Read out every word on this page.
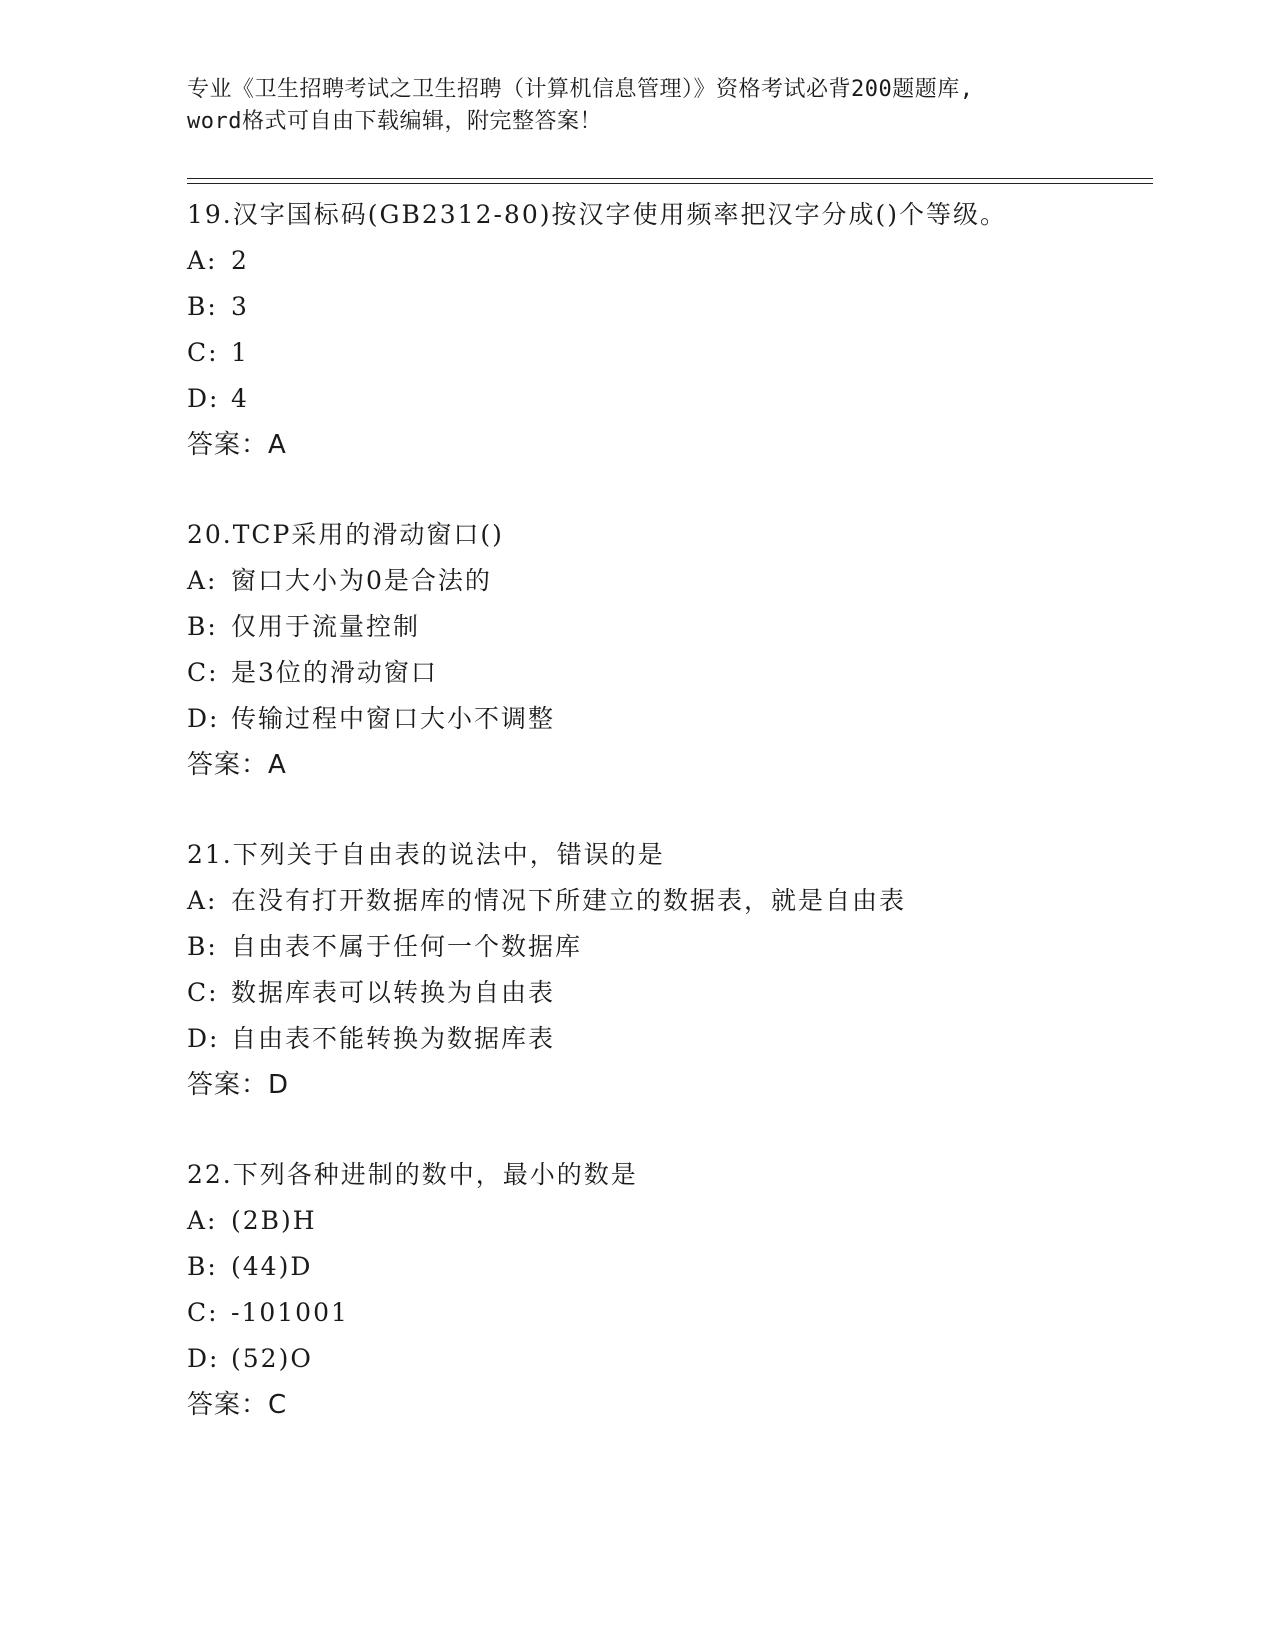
专业《卫生招聘考试之卫生招聘（计算机信息管理）》资格考试必背200题题库,
word格式可自由下载编辑，附完整答案！
19.汉字国标码(GB2312-80)按汉字使用频率把汉字分成()个等级。
A: 2
B: 3
C: 1
D: 4
答案：A
20.TCP采用的滑动窗口()
A: 窗口大小为0是合法的
B: 仅用于流量控制
C: 是3位的滑动窗口
D: 传输过程中窗口大小不调整
答案：A
21.下列关于自由表的说法中，错误的是
A: 在没有打开数据库的情况下所建立的数据表，就是自由表
B: 自由表不属于任何一个数据库
C: 数据库表可以转换为自由表
D: 自由表不能转换为数据库表
答案：D
22.下列各种进制的数中，最小的数是
A: (2B)H
B: (44)D
C: -101001
D: (52)O
答案：C
